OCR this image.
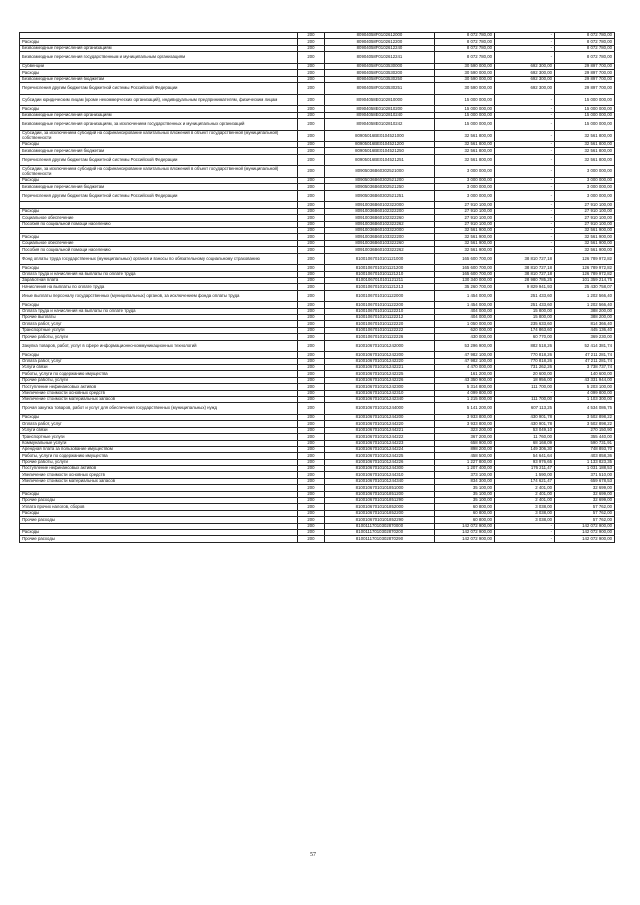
	200	80904058F0102612000	8 072 780,00	-	8 072 780,00
Расходы	200	80904058F0102612200	8 072 780,00	-	8 072 780,00
Безвозмездные перечисления организациям	200	80904058F0102612240	8 072 780,00	-	8 072 780,00
Безвозмездные перечисления государственным и муниципальным организациям	200	80904058F0102612241	8 072 780,00	-	8 072 780,00
Субвенции	200	80904058F0103530000	30 590 000,00	692 300,00	29 897 700,00
Расходы	200	80904058F0103530200	30 590 000,00	692 300,00	29 897 700,00
Безвозмездные перечисления бюджетам	200	80904058F0103530250	30 590 000,00	692 300,00	29 897 700,00
Перечисления другим бюджетам бюджетной системы Российской Федерации	200	80904058F0103530251	30 590 000,00	692 300,00	29 897 700,00
Субсидии юридическим лицам (кроме некоммерческих организаций), индивидуальным предпринимателям, физическим лицам	200	80904058E0102810000	15 000 000,00	-	15 000 000,00
Расходы	200	80904058E0102810200	15 000 000,00	-	15 000 000,00
Безвозмездные перечисления организациям	200	80904058E0102810240	15 000 000,00	-	15 000 000,00
Безвозмездные перечисления организациям, за исключением государственных и муниципальных организаций	200	80904058E0102810242	15 000 000,00	-	15 000 000,00
Субсидии, за исключением субсидий на софинансирование капитальных вложений в объект государственной (муниципальной) собственности	200	80905016BE0104521000	32 561 800,00	-	32 561 800,00
Расходы	200	80905016BE0104521200	32 561 800,00	-	32 561 800,00
Безвозмездные перечисления бюджетам	200	80905016BE0104521250	32 561 800,00	-	32 561 800,00
Перечисления другим бюджетам бюджетной системы Российской Федерации	200	80905016BE0104521251	32 561 800,00	-	32 561 800,00
Субсидии, за исключением субсидий на софинансирование капитальных вложений в объект государственной (муниципальной) собственности	200	80905036B60302521000	3 000 000,00	-	3 000 000,00
Расходы	200	80905036B60302521200	3 000 000,00	-	3 000 000,00
Безвозмездные перечисления бюджетам	200	80905036B60302521250	3 000 000,00	-	3 000 000,00
Перечисления другим бюджетам бюджетной системы Российской Федерации	200	80905036B60302521251	3 000 000,00	-	3 000 000,00
	200	80910036B60102322000	27 910 100,00	-	27 910 100,00
Расходы	200	80910036B60102322200	27 910 100,00	-	27 910 100,00
Социальное обеспечение	200	80910036B60102322260	27 910 100,00	-	27 910 100,00
Пособия по социальной помощи населению	200	80910036B60102322262	27 910 100,00	-	27 910 100,00
	200	80910036B60103322000	32 561 900,00	-	32 561 900,00
Расходы	200	80910036B60103322200	32 561 900,00	-	32 561 900,00
Социальное обеспечение	200	80910036B60103322260	32 561 900,00	-	32 561 900,00
Пособия по социальной помощи населению	200	80910036B60103322262	32 561 900,00	-	32 561 900,00
Фонд оплаты труда государственных (муниципальных) органов и взносы по обязательному социальному страхованию	200	81001067010101121000	165 600 700,00	38 810 727,18	126 789 972,82
Расходы	200	81001067010101121200	165 600 700,00	38 810 727,18	126 789 972,82
Оплата труда и начисления на выплаты по оплате труда	200	81001067010101121210	165 600 700,00	38 810 727,18	126 789 972,82
Заработная плата	200	81001067010101121211	130 340 000,00	28 980 785,25	101 359 214,75
Начисления на выплаты по оплате труда	200	81001067010101121213	35 260 700,00	9 829 941,93	25 430 758,07
Иные выплаты персоналу государственных (муниципальных) органов, за исключением фонда оплаты труда	200	81001067010101122000	1 454 000,00	251 433,60	1 202 566,40
Расходы	200	81001067010101122200	1 454 000,00	251 433,60	1 202 566,40
Оплата труда и начисления на выплаты по оплате труда	200	81001067010101122210	404 000,00	15 800,00	388 200,00
Прочие выплаты	200	81001067010101122212	404 000,00	15 800,00	388 200,00
Оплата работ, услуг	200	81001067010101122220	1 050 000,00	235 633,60	814 366,40
Транспортные услуги	200	81001067010101122222	620 000,00	174 863,60	445 136,40
Прочие работы, услуги	200	81001067010101122226	430 000,00	60 770,00	369 230,00
Закупка товаров, работ, услуг в сфере информационно-коммуникационных технологий	200	81001067010101242000	53 296 900,00	882 518,26	52 414 381,74
Расходы	200	81001067010101242200	47 982 100,00	770 818,26	47 211 281,74
Оплата работ, услуг	200	81001067010101242220	47 982 100,00	770 818,26	47 211 281,74
Услуги связи	200	81001067010101242221	4 470 000,00	731 262,26	3 738 737,74
Работы, услуги по содержанию имущества	200	81001067010101242225	161 200,00	20 600,00	140 600,00
Прочие работы, услуги	200	81001067010101242226	43 350 900,00	18 956,00	43 331 944,00
Поступление нефинансовых активов	200	81001067010101242300	5 314 800,00	111 700,00	5 203 100,00
Увеличение стоимости основных средств	200	81001067010101242310	4 099 800,00	-	4 099 800,00
Увеличение стоимости материальных запасов	200	81001067010101242340	1 215 000,00	111 700,00	1 103 300,00
Прочая закупка товаров, работ и услуг для обеспечения государственных (муниципальных) нужд	200	81001067010101244000	5 141 200,00	607 113,25	4 534 086,75
Расходы	200	81001067010101244200	3 933 800,00	430 901,78	3 502 898,22
Оплата работ, услуг	200	81001067010101244220	3 933 800,00	430 901,78	3 502 898,22
Услуги связи	200	81001067010101244221	323 200,00	53 049,10	270 150,90
Транспортные услуги	200	81001067010101244222	367 200,00	11 760,00	355 440,00
Коммунальные услуги	200	81001067010101244223	658 900,00	68 168,09	590 731,91
Арендная плата за пользование имуществом	200	81001067010101244224	898 200,00	149 306,30	748 893,70
Работы, услуги по содержанию имущества	200	81001067010101244225	458 500,00	54 641,64	403 858,36
Прочие работы, услуги	200	81001067010101244226	1 227 800,00	93 976,65	1 133 823,35
Поступление нефинансовых активов	200	81001067010101244300	1 207 400,00	176 211,47	1 031 188,53
Увеличение стоимости основных средств	200	81001067010101244310	373 100,00	1 590,00	371 510,00
Увеличение стоимости материальных запасов	200	81001067010101244340	834 300,00	174 621,47	659 678,53
	200	81001067010101851000	35 100,00	2 401,00	32 699,00
Расходы	200	81001067010101851200	35 100,00	2 401,00	32 699,00
Прочие расходы	200	81001067010101851290	35 100,00	2 401,00	32 699,00
Уплата прочих налогов, сборов	200	81001067010101852000	60 800,00	3 038,00	57 762,00
Расходы	200	81001067010101852200	60 800,00	3 038,00	57 762,00
Прочие расходы	200	81001067010101852290	60 800,00	3 038,00	57 762,00
	200	81001117010302870000	142 072 900,00	-	142 072 900,00
Расходы	200	81001117010302870200	142 072 900,00	-	142 072 900,00
Прочие расходы	200	81001117010302870290	142 072 900,00	-	142 072 900,00
57
